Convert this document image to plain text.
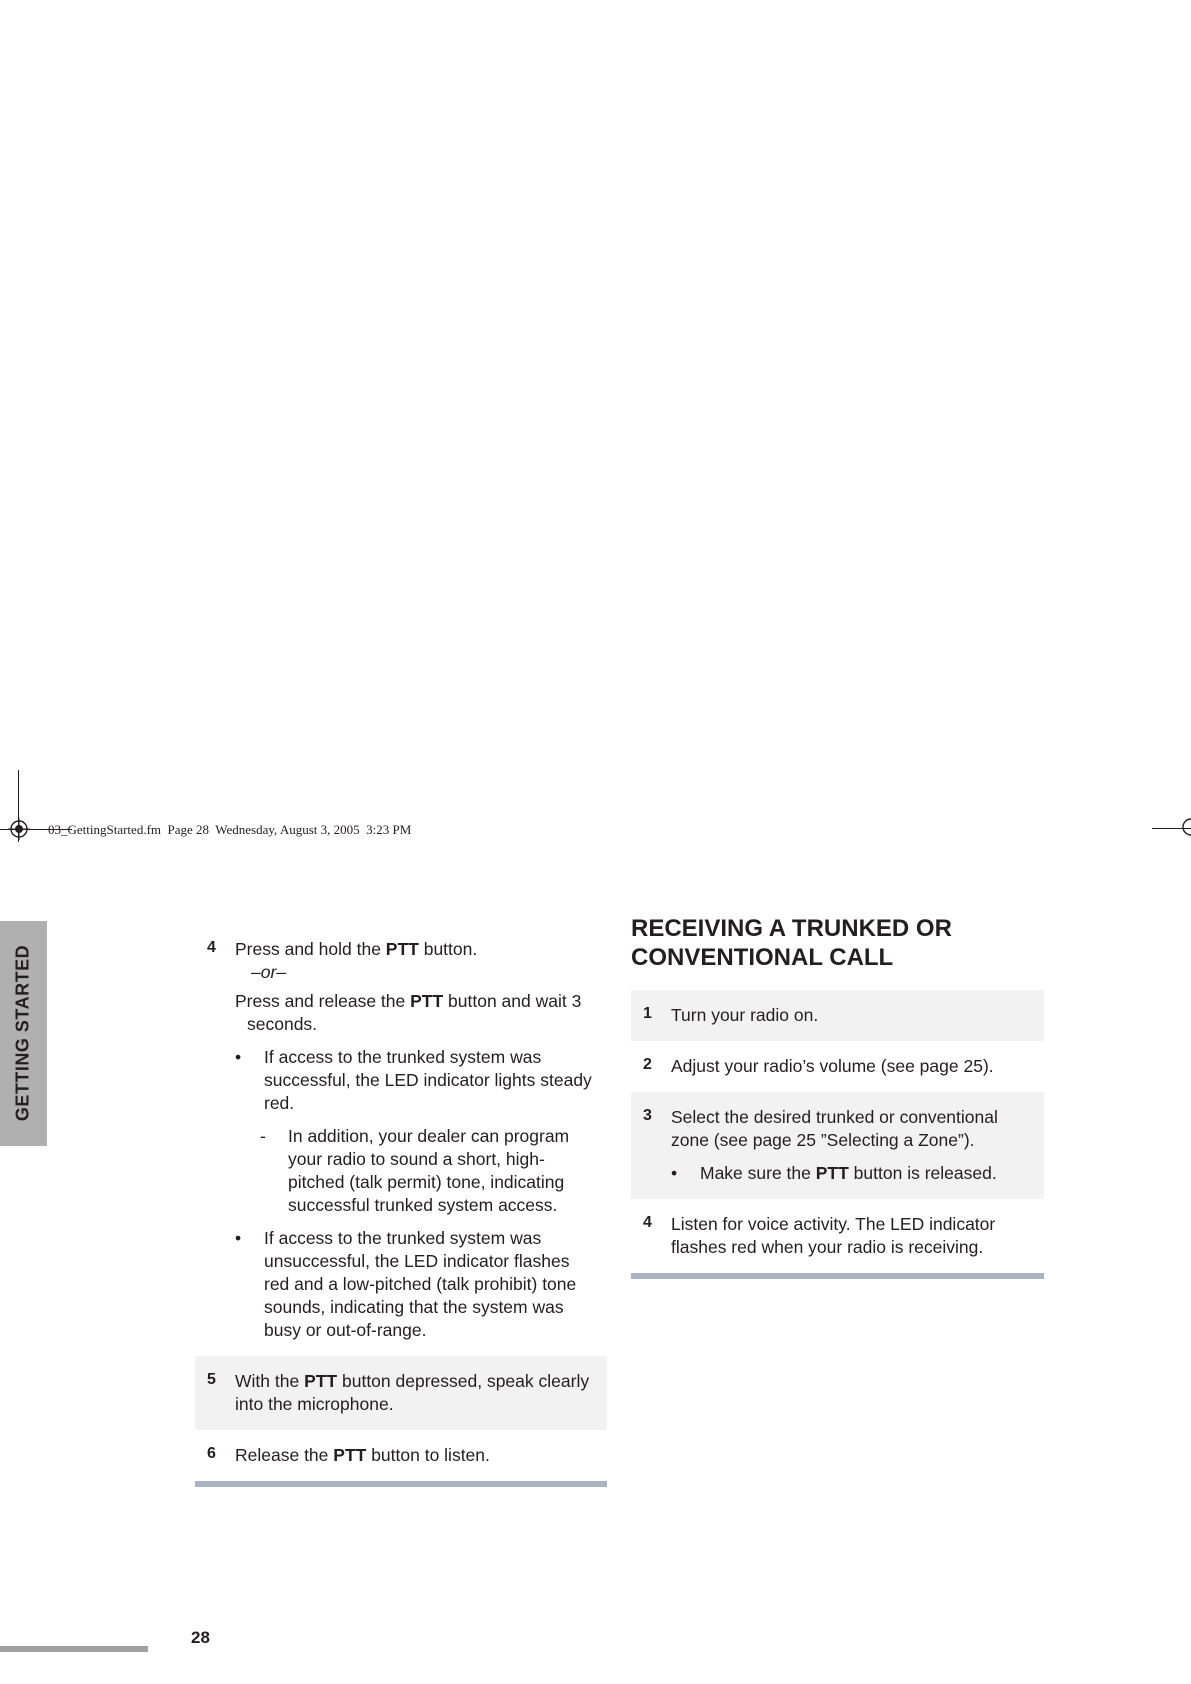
03_GettingStarted.fm  Page 28  Wednesday, August 3, 2005  3:23 PM
GETTING STARTED	4 Press and hold the PTT button.

–or–

Press and release the PTT button and wait 3 seconds.

• If access to the trunked system was successful, the LED indicator lights steady red.

- In addition, your dealer can program your radio to sound a short, high-pitched (talk permit) tone, indicating successful trunked system access.

• If access to the trunked system was unsuccessful, the LED indicator flashes red and a low-pitched (talk prohibit) tone sounds, indicating that the system was busy or out-of-range.

5 With the PTT button depressed, speak clearly into the microphone.

6 Release the PTT button to listen.

RECEIVING A TRUNKED OR CONVENTIONAL CALL
1 Turn your radio on.

2 Adjust your radio’s volume (see page 25).

3 Select the desired trunked or conventional zone (see page 25 ”Selecting a Zone”).

• Make sure the PTT button is released.

4 Listen for voice activity. The LED indicator flashes red when your radio is receiving.

28
